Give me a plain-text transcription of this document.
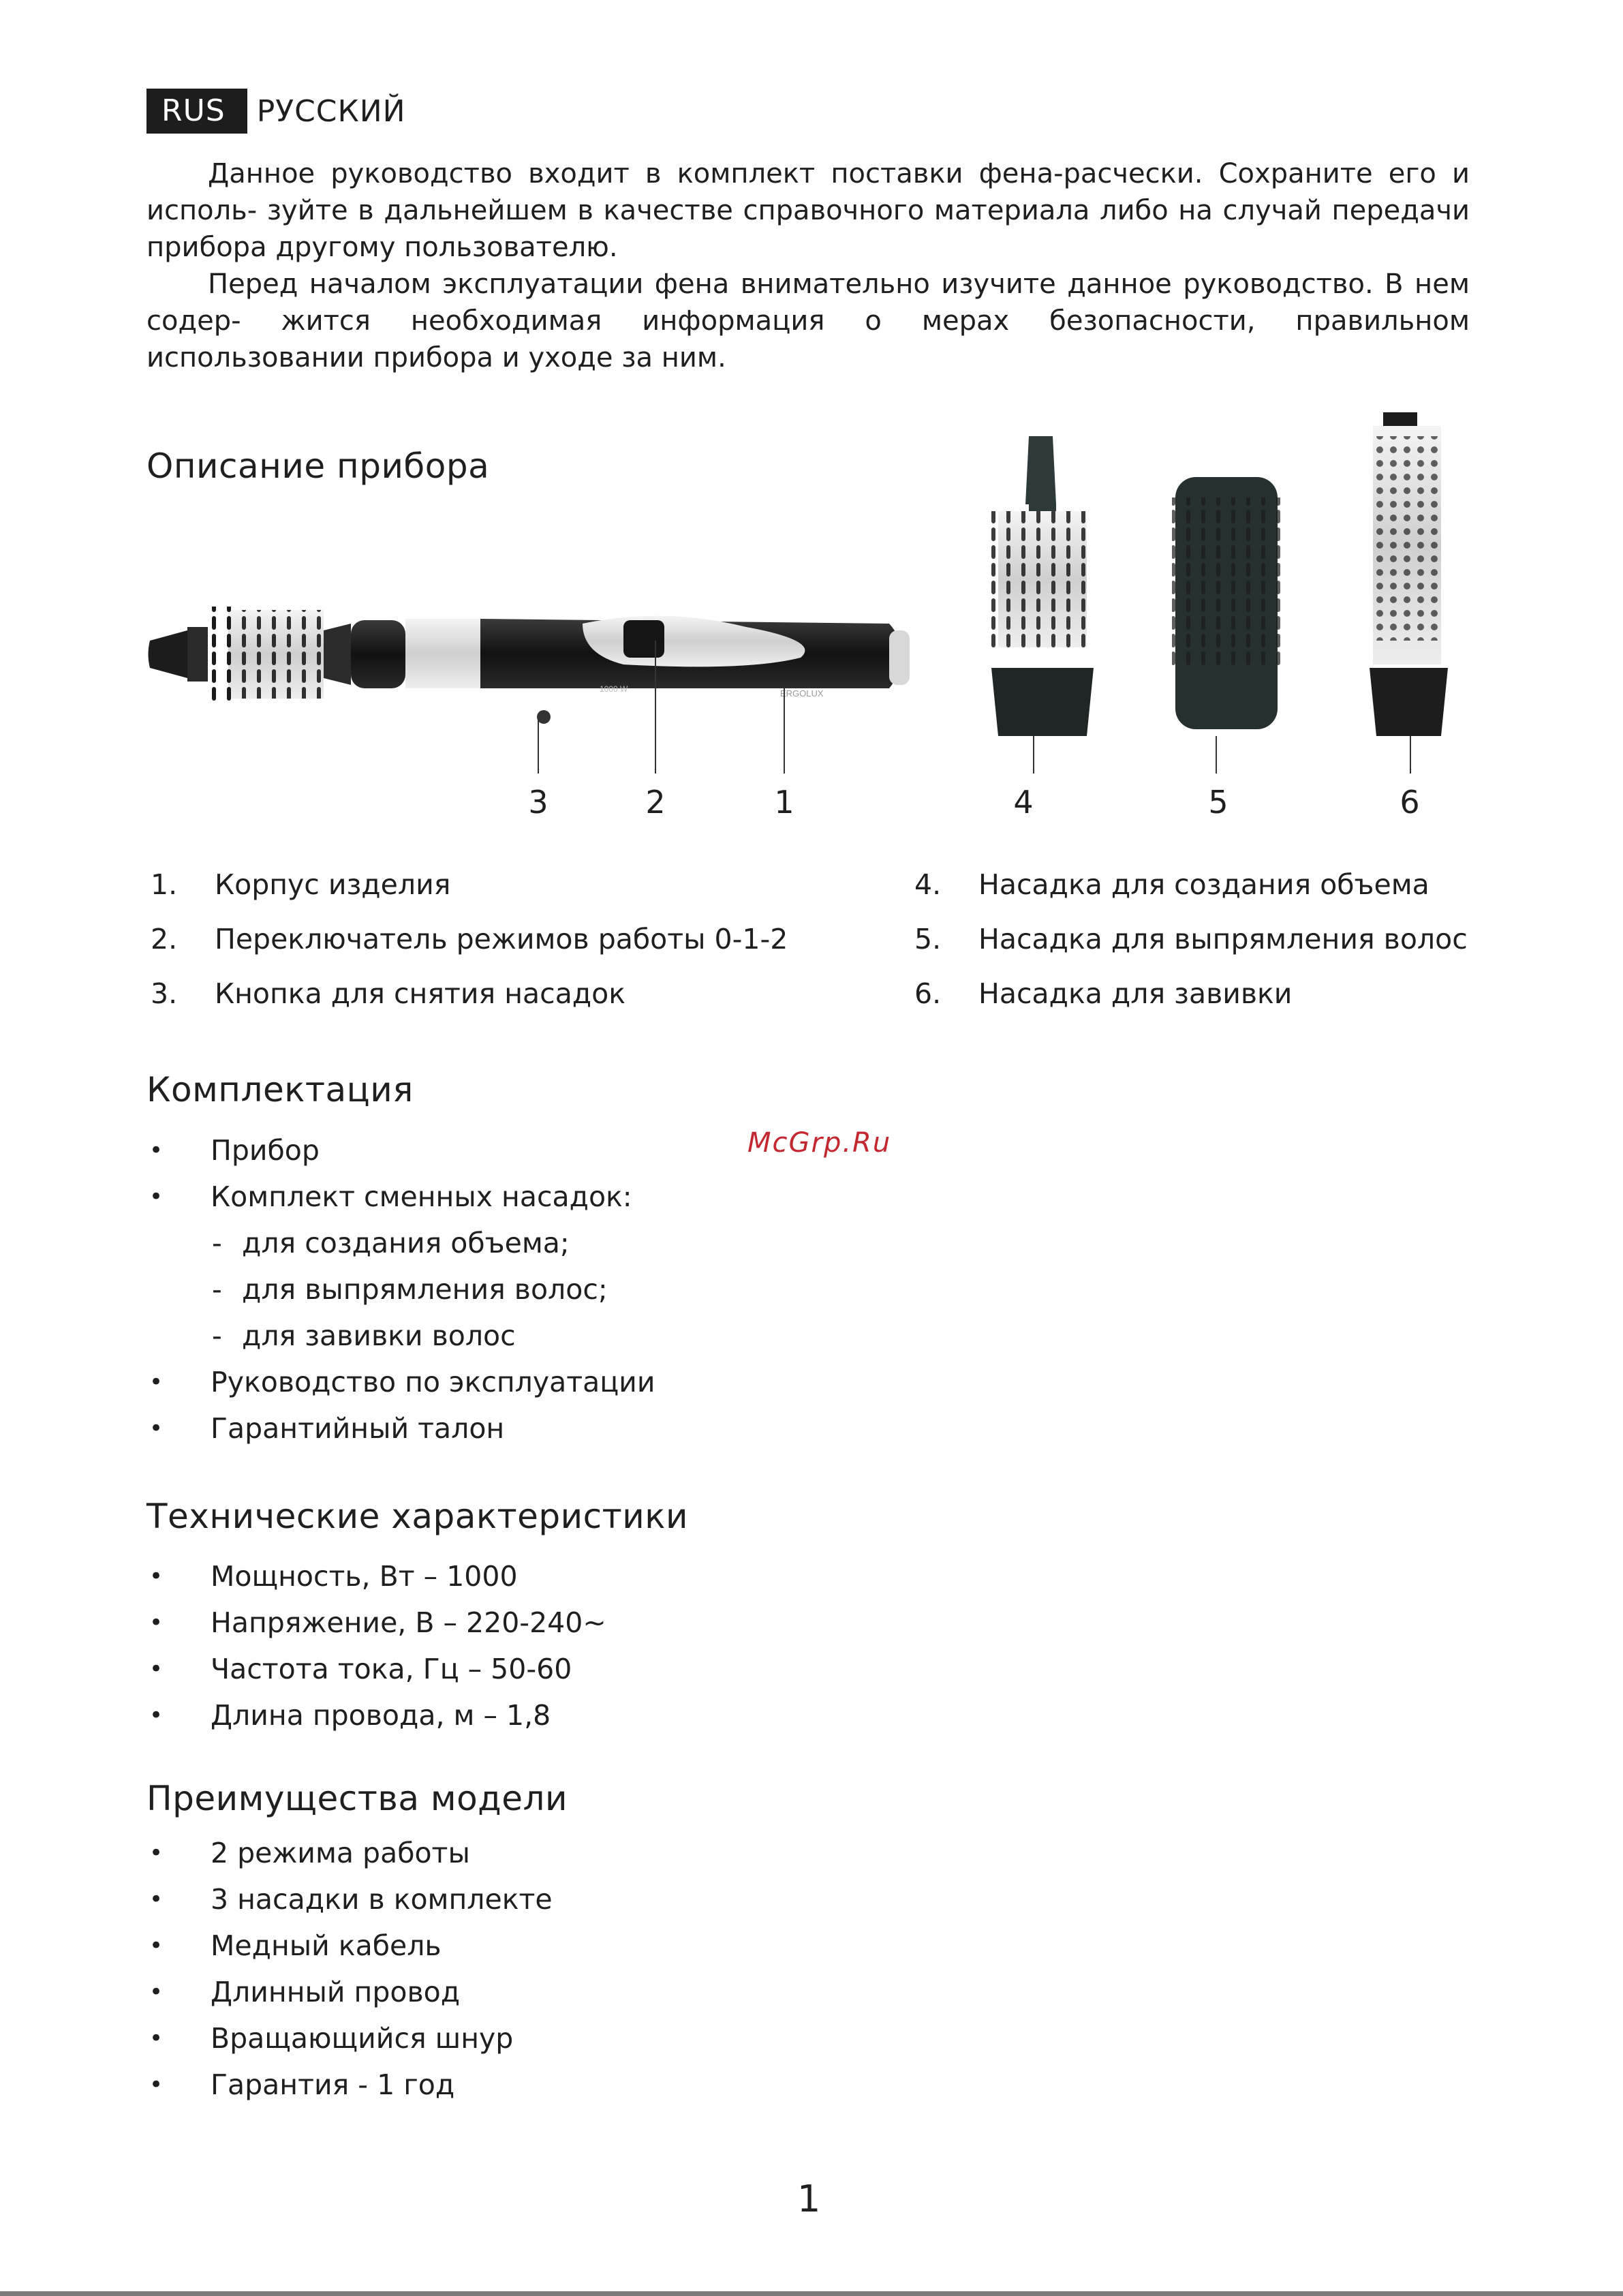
RUS	РУССКИЙ

Данное руководство входит в комплект поставки фена-расчески. Сохраните его и исполь- зуйте в дальнейшем в качестве справочного материала либо на случай передачи прибора другому пользователю.

Перед началом эксплуатации фена внимательно изучите данное руководство. В нем содер- жится необходимая информация о мерах безопасности, правильном использовании прибора и уходе за ним.

Описание прибора
1000 W	ERGOLUX
3	2	1	4	5	6
1.	Корпус изделия
2.	Переключатель режимов работы 0-1-2
3.	Кнопка для снятия насадок
4.	Насадка для создания объема
5.	Насадка для выпрямления волос
6.	Насадка для завивки
Комплектация
•	Прибор
•	Комплект сменных насадок:
- для создания объема;
- для выпрямления волос;
- для завивки волос
•	Руководство по эксплуатации
•	Гарантийный талон
McGrp.Ru
Технические характеристики
•	Мощность, Вт – 1000
•	Напряжение, В – 220-240~
•	Частота тока, Гц – 50-60
•	Длина провода, м – 1,8
Преимущества модели
•	2 режима работы
•	3 насадки в комплекте
•	Медный кабель
•	Длинный провод
•	Вращающийся шнур
•	Гарантия - 1 год
1
